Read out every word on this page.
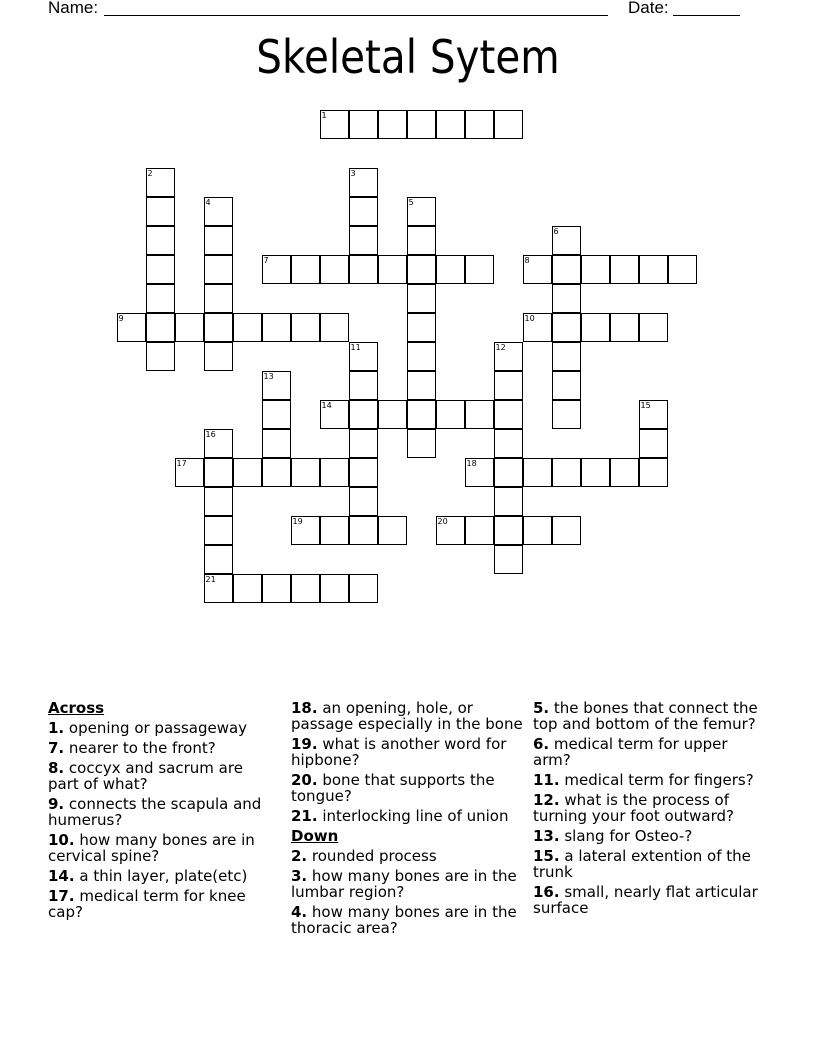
Name:	Date:
Skeletal Sytem
1
2	3
4	5
6
7	8
9	10
11	12
13
14	15
16
21
17	18
19	20
Across
1. opening or passageway
7. nearer to the front?
8. coccyx and sacrum are part of what?
9. connects the scapula and humerus?
10. how many bones are in cervical spine?
14. a thin layer, plate(etc)
17. medical term for knee cap?
18. an opening, hole, or passage especially in the bone
19. what is another word for hipbone?
20. bone that supports the tongue?
21. interlocking line of union
Down
2. rounded process
3. how many bones are in the lumbar region?
4. how many bones are in the thoracic area?
5. the bones that connect the top and bottom of the femur?
6. medical term for upper arm?
11. medical term for fingers?
12. what is the process of turning your foot outward?
13. slang for Osteo-?
15. a lateral extention of the trunk
16. small, nearly flat articular surface
